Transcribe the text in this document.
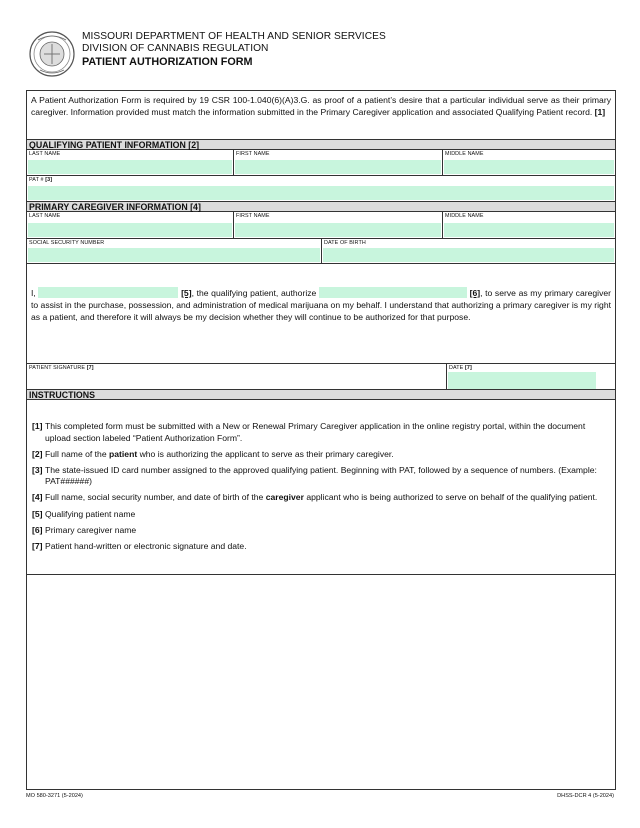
MISSOURI DEPARTMENT OF HEALTH AND SENIOR SERVICES
DIVISION OF CANNABIS REGULATION
PATIENT AUTHORIZATION FORM
A Patient Authorization Form is required by 19 CSR 100-1.040(6)(A)3.G. as proof of a patient’s desire that a particular individual serve as their primary caregiver. Information provided must match the information submitted in the Primary Caregiver application and associated Qualifying Patient record. [1]
QUALIFYING PATIENT INFORMATION [2]
LAST NAME	FIRST NAME	MIDDLE NAME
PAT # [3]
PRIMARY CAREGIVER INFORMATION [4]
LAST NAME	FIRST NAME	MIDDLE NAME
SOCIAL SECURITY NUMBER	DATE OF BIRTH
I,	[5], the qualifying patient, authorize	[6], to serve as my primary caregiver to assist in the purchase, possession, and administration of medical marijuana on my behalf. I understand that authorizing a primary caregiver is my right as a patient, and therefore it will always be my decision whether they will continue to be authorized for that purpose.
PATIENT SIGNATURE [7]	DATE [7]
INSTRUCTIONS
[1] This completed form must be submitted with a New or Renewal Primary Caregiver application in the online registry portal, within the document upload section labeled “Patient Authorization Form”.
[2] Full name of the patient who is authorizing the applicant to serve as their primary caregiver.
[3] The state-issued ID card number assigned to the approved qualifying patient. Beginning with PAT, followed by a sequence of numbers. (Example: PAT######)
[4] Full name, social security number, and date of birth of the caregiver applicant who is being authorized to serve on behalf of the qualifying patient.
[5] Qualifying patient name
[6] Primary caregiver name
[7] Patient hand-written or electronic signature and date.
MO 580-3271 (5-2024)	DHSS-DCR 4 (5-2024)
